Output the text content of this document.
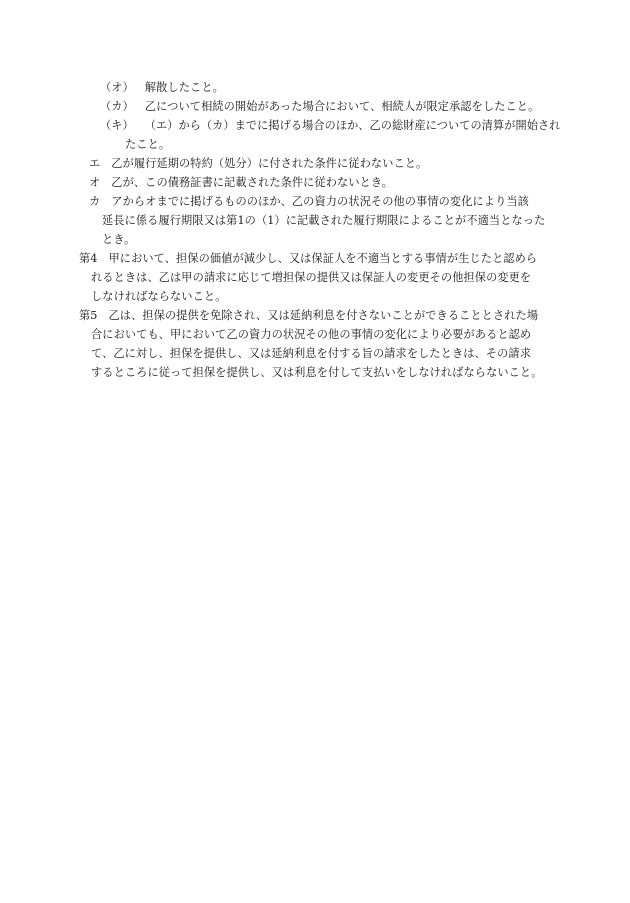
（オ） 解散したこと。
（カ） 乙について相続の開始があった場合において、相続人が限定承認をしたこと。
（キ） （エ）から（カ）までに掲げる場合のほか、乙の総財産についての清算が開始され
たこと。
エ 乙が履行延期の特約（処分）に付された条件に従わないこと。
オ 乙が、この債務証書に記載された条件に従わないとき。
カ アからオまでに掲げるもののほか、乙の資力の状況その他の事情の変化により当該
延長に係る履行期限又は第1の（1）に記載された履行期限によることが不適当となった
とき。
第4 甲において、担保の価値が減少し、又は保証人を不適当とする事情が生じたと認めら
れるときは、乙は甲の請求に応じて増担保の提供又は保証人の変更その他担保の変更を
しなければならないこと。
第5 乙は、担保の提供を免除され、又は延納利息を付さないことができることとされた場
合においても、甲において乙の資力の状況その他の事情の変化により必要があると認め
て、乙に対し、担保を提供し、又は延納利息を付する旨の請求をしたときは、その請求
するところに従って担保を提供し、又は利息を付して支払いをしなければならないこと。
